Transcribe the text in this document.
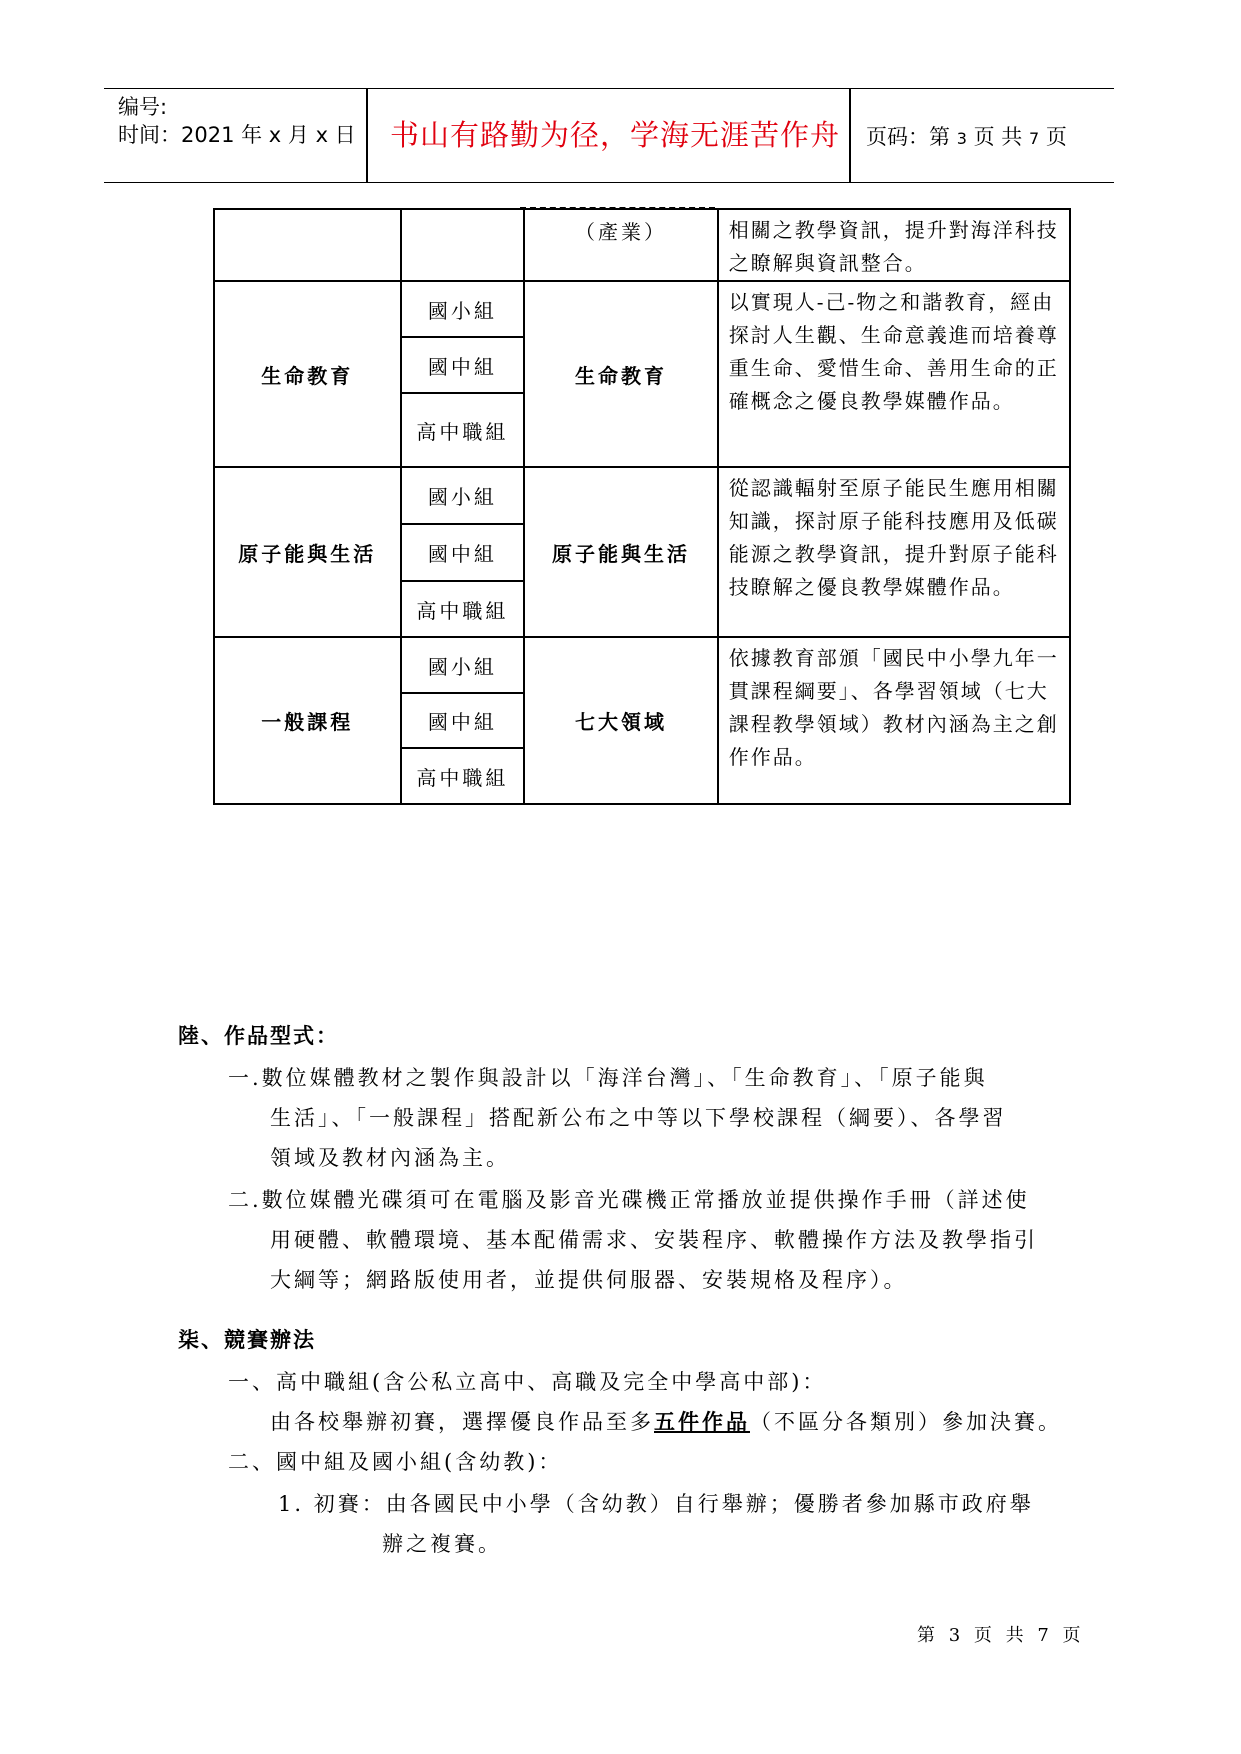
编号:
时间：2021 年 x 月 x 日 书山有路勤为径，学海无涯苦作舟 页码：第 3 页 共 7 页
		（產業）	相關之教學資訊，提升對海洋科技之瞭解與資訊整合。
生命教育	國小組	生命教育	以實現人-己-物之和諧教育，經由探討人生觀、生命意義進而培養尊重生命、愛惜生命、善用生命的正確概念之優良教學媒體作品。
	國中組		
	高中職組		
原子能與生活	國小組	原子能與生活	從認識輻射至原子能民生應用相關知識，探討原子能科技應用及低碳能源之教學資訊，提升對原子能科技瞭解之優良教學媒體作品。
	國中組		
	高中職組		
一般課程	國小組	七大領域	依據教育部頒「國民中小學九年一貫課程綱要」、各學習領域（七大課程教學領域）教材內涵為主之創作作品。
	國中組		
	高中職組		
陸、作品型式：
一.數位媒體教材之製作與設計以「海洋台灣」、「生命教育」、「原子能與
生活」、「一般課程」搭配新公布之中等以下學校課程（綱要）、各學習
領域及教材內涵為主。
二.數位媒體光碟須可在電腦及影音光碟機正常播放並提供操作手冊（詳述使
用硬體、軟體環境、基本配備需求、安裝程序、軟體操作方法及教學指引
大綱等；網路版使用者，並提供伺服器、安裝規格及程序）。
柒、競賽辦法
一、高中職組(含公私立高中、高職及完全中學高中部)：
由各校舉辦初賽，選擇優良作品至多五件作品（不區分各類別）參加決賽。
二、國中組及國小組(含幼教)：
1. 初賽：由各國民中小學（含幼教）自行舉辦；優勝者參加縣市政府舉
辦之複賽。
第 3 页 共 7 页
